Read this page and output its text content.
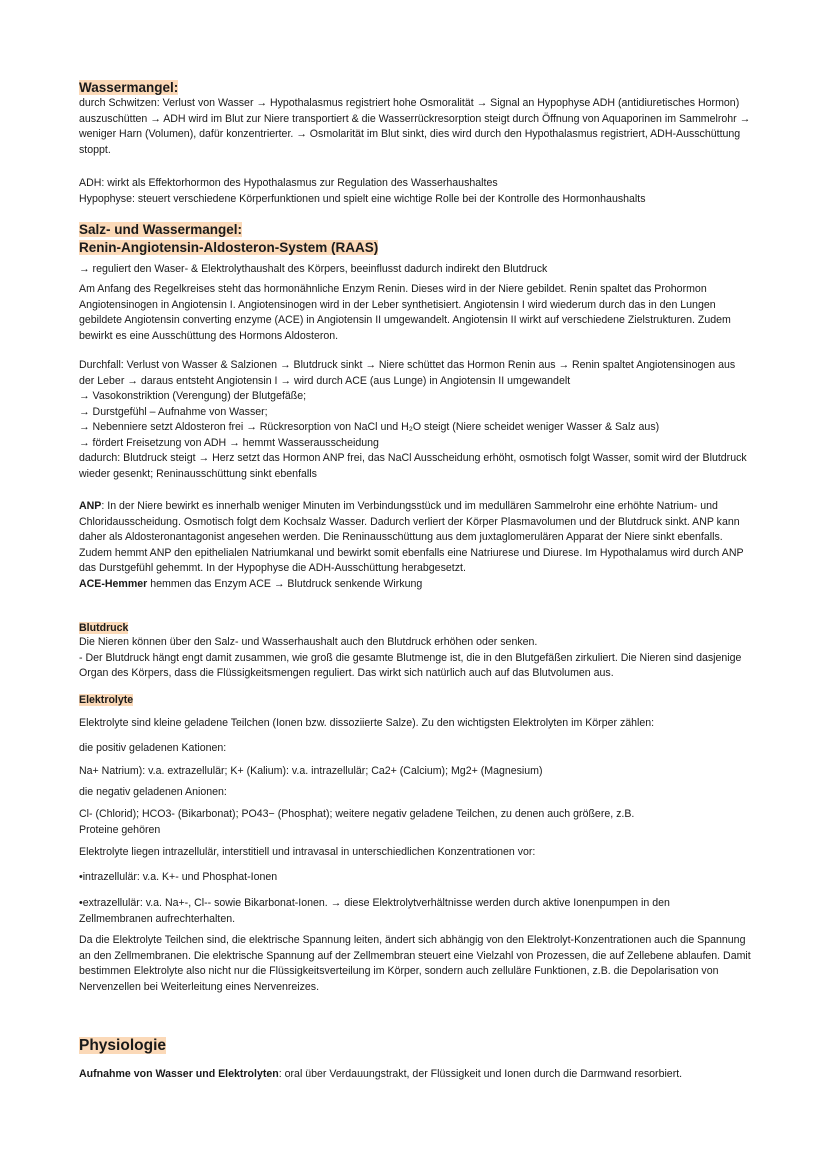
Wassermangel:

durch Schwitzen: Verlust von Wasser → Hypothalasmus registriert hohe Osmoralität → Signal an Hypophyse ADH (antidiuretisches Hormon) auszuschütten → ADH wird im Blut zur Niere transportiert & die Wasserrückresorption steigt durch Öffnung von Aquaporinen im Sammelrohr → weniger Harn (Volumen), dafür konzentrierter. → Osmolarität im Blut sinkt, dies wird durch den Hypothalasmus registriert, ADH-Ausschüttung stoppt.

ADH: wirkt als Effektorhormon des Hypothalasmus zur Regulation des Wasserhaushaltes

Hypophyse: steuert verschiedene Körperfunktionen und spielt eine wichtige Rolle bei der Kontrolle des Hormonhaushalts

Salz- und Wassermangel:

Renin-Angiotensin-Aldosteron-System (RAAS)

→ reguliert den Waser- & Elektrolythaushalt des Körpers, beeinflusst dadurch indirekt den Blutdruck

Am Anfang des Regelkreises steht das hormonähnliche Enzym Renin. Dieses wird in der Niere gebildet. Renin spaltet das Prohormon Angiotensinogen in Angiotensin I. Angiotensinogen wird in der Leber synthetisiert. Angiotensin I wird wiederum durch das in den Lungen gebildete Angiotensin converting enzyme (ACE) in Angiotensin II umgewandelt. Angiotensin II wirkt auf verschiedene Zielstrukturen. Zudem bewirkt es eine Ausschüttung des Hormons Aldosteron.

Durchfall: Verlust von Wasser & Salzionen → Blutdruck sinkt → Niere schüttet das Hormon Renin aus → Renin spaltet Angiotensinogen aus der Leber → daraus entsteht Angiotensin I → wird durch ACE (aus Lunge) in Angiotensin II umgewandelt

→ Vasokonstriktion (Verengung) der Blutgefäße;

→ Durstgefühl – Aufnahme von Wasser;

→ Nebenniere setzt Aldosteron frei → Rückresorption von NaCl und H₂O steigt (Niere scheidet weniger Wasser & Salz aus)

→ fördert Freisetzung von ADH → hemmt Wasserausscheidung

dadurch: Blutdruck steigt → Herz setzt das Hormon ANP frei, das NaCl Ausscheidung erhöht, osmotisch folgt Wasser, somit wird der Blutdruck wieder gesenkt; Reninausschüttung sinkt ebenfalls

ANP: In der Niere bewirkt es innerhalb weniger Minuten im Verbindungsstück und im medullären Sammelrohr eine erhöhte Natrium- und Chloridausscheidung. Osmotisch folgt dem Kochsalz Wasser. Dadurch verliert der Körper Plasmavolumen und der Blutdruck sinkt. ANP kann daher als Aldosteronantagonist angesehen werden. Die Reninausschüttung aus dem juxtaglomerulären Apparat der Niere sinkt ebenfalls. Zudem hemmt ANP den epithelialen Natriumkanal und bewirkt somit ebenfalls eine Natriurese und Diurese. Im Hypothalamus wird durch ANP das Durstgefühl gehemmt. In der Hypophyse die ADH-Ausschüttung herabgesetzt.

ACE-Hemmer hemmen das Enzym ACE → Blutdruck senkende Wirkung

Blutdruck

Die Nieren können über den Salz- und Wasserhaushalt auch den Blutdruck erhöhen oder senken.

- Der Blutdruck hängt engt damit zusammen, wie groß die gesamte Blutmenge ist, die in den Blutgefäßen zirkuliert. Die Nieren sind dasjenige Organ des Körpers, dass die Flüssigkeitsmengen reguliert. Das wirkt sich natürlich auch auf das Blutvolumen aus.

Elektrolyte

Elektrolyte sind kleine geladene Teilchen (Ionen bzw. dissoziierte Salze). Zu den wichtigsten Elektrolyten im Körper zählen:

die positiv geladenen Kationen:

Na+ Natrium): v.a. extrazellulär; K+ (Kalium): v.a. intrazellulär; Ca2+ (Calcium); Mg2+ (Magnesium)

die negativ geladenen Anionen:

Cl- (Chlorid); HCO3- (Bikarbonat); PO43− (Phosphat); weitere negativ geladene Teilchen, zu denen auch größere, z.B. Proteine gehören

Elektrolyte liegen intrazellulär, interstitiell und intravasal in unterschiedlichen Konzentrationen vor:

•intrazellulär: v.a. K+- und Phosphat-Ionen

•extrazellulär: v.a. Na+-, Cl-- sowie Bikarbonat-Ionen. → diese Elektrolytverhältnisse werden durch aktive Ionenpumpen in den Zellmembranen aufrechterhalten.

Da die Elektrolyte Teilchen sind, die elektrische Spannung leiten, ändert sich abhängig von den Elektrolyt-Konzentrationen auch die Spannung an den Zellmembranen. Die elektrische Spannung auf der Zellmembran steuert eine Vielzahl von Prozessen, die auf Zellebene ablaufen. Damit bestimmen Elektrolyte also nicht nur die Flüssigkeitsverteilung im Körper, sondern auch zelluläre Funktionen, z.B. die Depolarisation von Nervenzellen bei Weiterleitung eines Nervenreizes.

Physiologie

Aufnahme von Wasser und Elektrolyten: oral über Verdauungstrakt, der Flüssigkeit und Ionen durch die Darmwand resorbiert.
